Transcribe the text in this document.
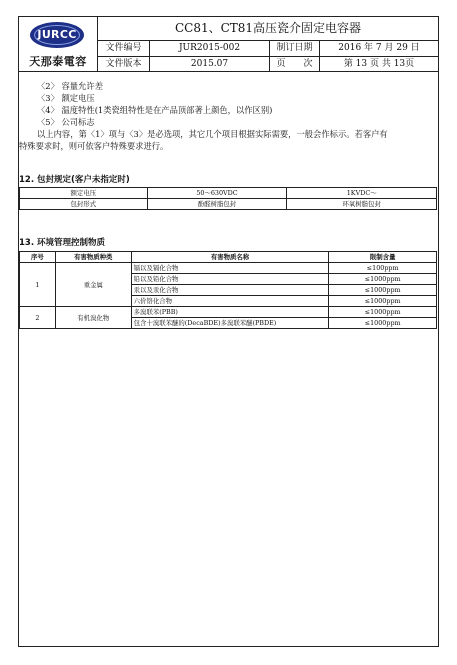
JURCC
天那泰電容
CC81、CT81高压瓷介固定电容器
文件编号	JUR2015-002	制订日期	2016 年 7 月 29 日
文件版本	2015.07	页　　次	第 13 页 共 13页
〈2〉 容量允许差
〈3〉 额定电压
〈4〉 温度特性(1类瓷组特性是在产品顶部著上颜色，以作区别)
〈5〉 公司标志
以上内容，第〈1〉项与〈3〉是必选项，其它几个项目根据实际需要，一般会作标示。若客户有
特殊要求时，则可依客户特殊要求进行。
12. 包封规定(客户未指定时)
额定电压	50～630VDC	1KVDC～
包封形式	酚醛树脂包封	环氧树脂包封
13. 环境管理控制物质
序号	有害物质种类	有害物质名称	限制含量
1	重金属	镉以及镉化合物	≤100ppm
		铅以及铅化合物	≤1000ppm
		汞以及汞化合物	≤1000ppm
		六价铬化合物	≤1000ppm
2	有机溴化物	多溴联苯(PBB)	≤1000ppm
		包含十溴联苯醚的(DecaBDE)多溴联苯醚(PBDE)	≤1000ppm
